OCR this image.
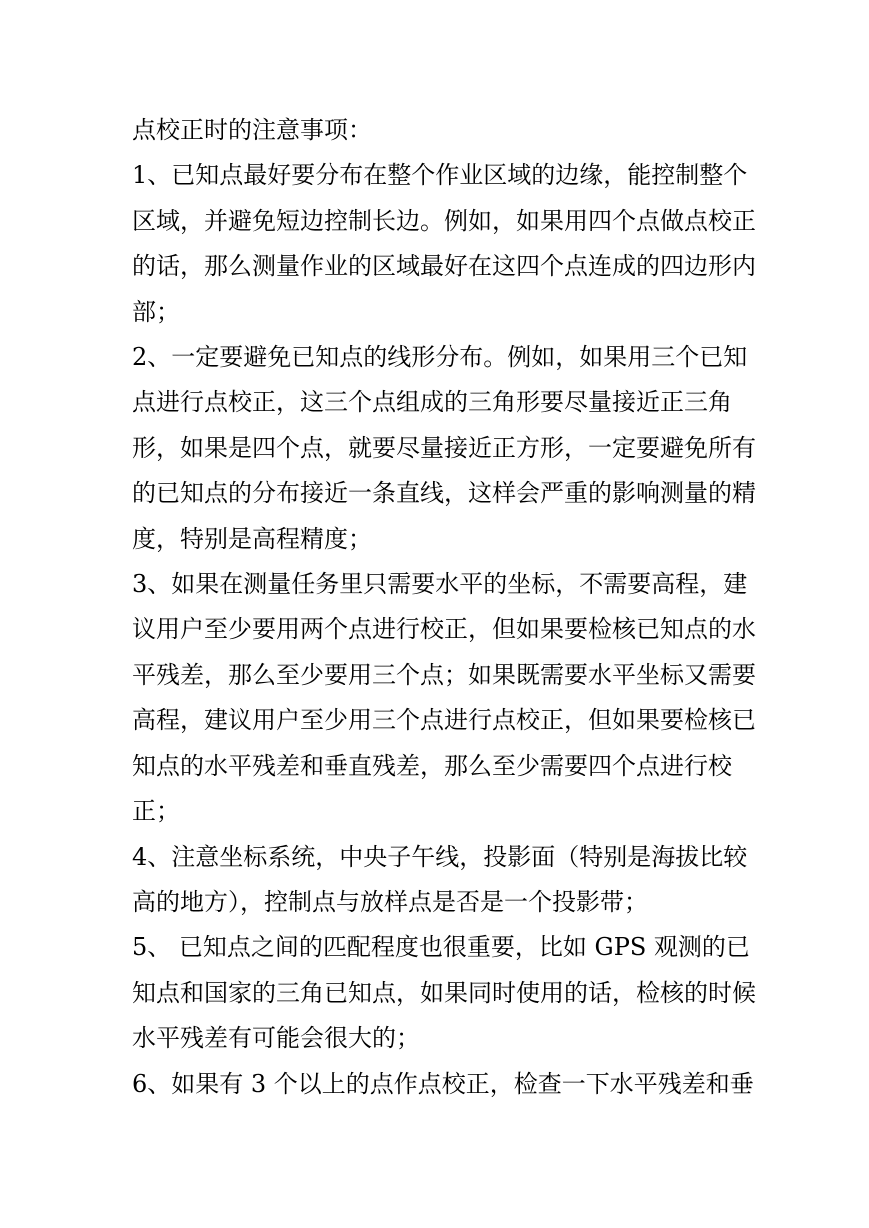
点校正时的注意事项：
1、已知点最好要分布在整个作业区域的边缘，能控制整个
区域，并避免短边控制长边。例如，如果用四个点做点校正
的话，那么测量作业的区域最好在这四个点连成的四边形内
部；
2、一定要避免已知点的线形分布。例如，如果用三个已知
点进行点校正，这三个点组成的三角形要尽量接近正三角
形，如果是四个点，就要尽量接近正方形，一定要避免所有
的已知点的分布接近一条直线，这样会严重的影响测量的精
度，特别是高程精度；
3、如果在测量任务里只需要水平的坐标，不需要高程，建
议用户至少要用两个点进行校正，但如果要检核已知点的水
平残差，那么至少要用三个点；如果既需要水平坐标又需要
高程，建议用户至少用三个点进行点校正，但如果要检核已
知点的水平残差和垂直残差，那么至少需要四个点进行校
正；
4、注意坐标系统，中央子午线，投影面（特别是海拔比较
高的地方），控制点与放样点是否是一个投影带；
5、 已知点之间的匹配程度也很重要，比如 GPS 观测的已
知点和国家的三角已知点，如果同时使用的话，检核的时候
水平残差有可能会很大的；
6、如果有 3 个以上的点作点校正，检查一下水平残差和垂
